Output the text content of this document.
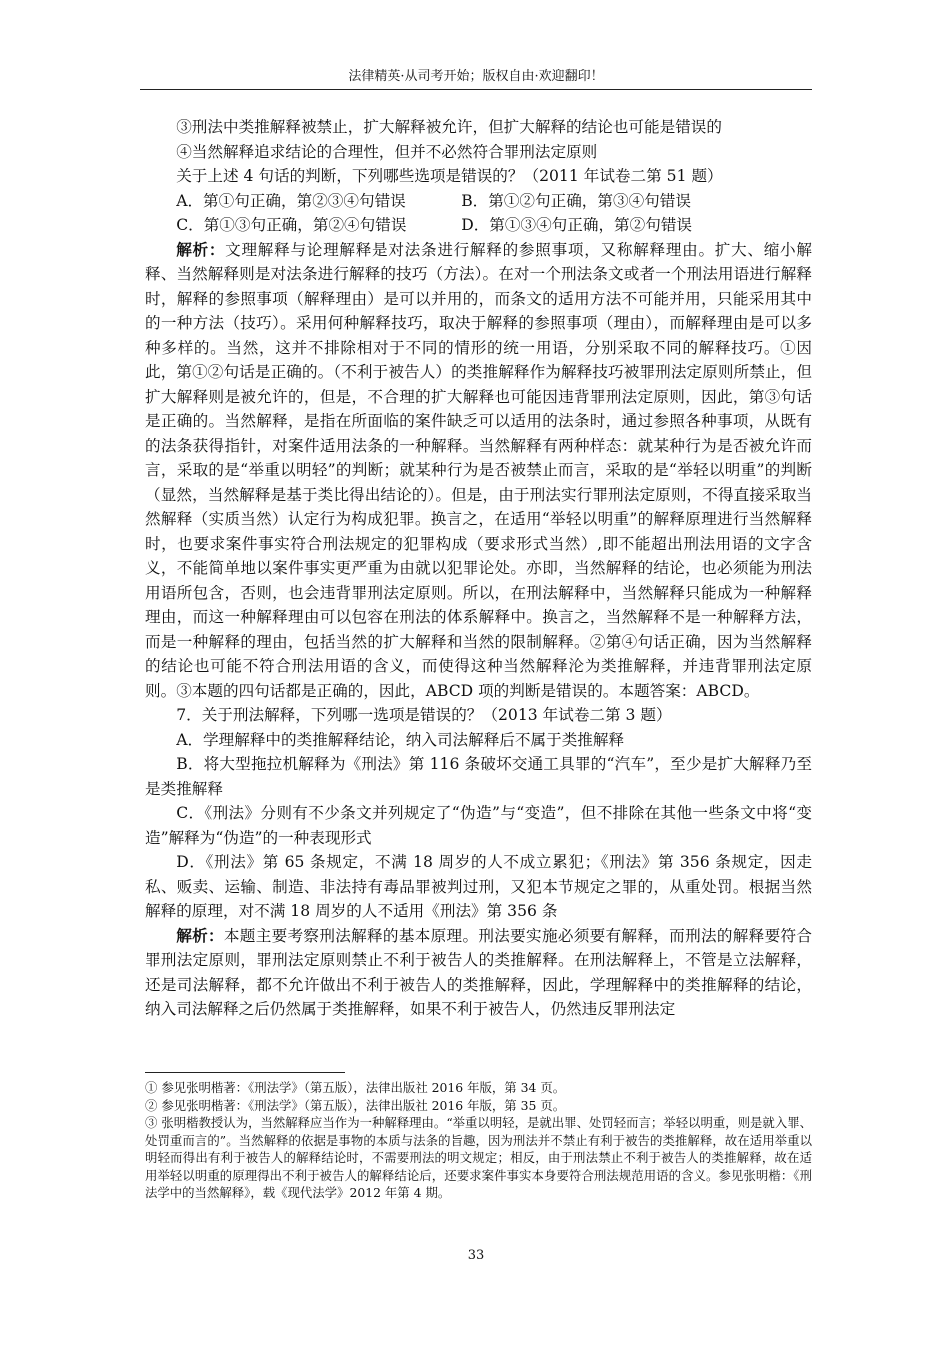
法律精英·从司考开始；版权自由·欢迎翻印！

③刑法中类推解释被禁止，扩大解释被允许，但扩大解释的结论也可能是错误的

④当然解释追求结论的合理性，但并不必然符合罪刑法定原则

关于上述 4 句话的判断，下列哪些选项是错误的？（2011 年试卷二第 51 题）

A．第①句正确，第②③④句错误	B．第①②句正确，第③④句错误

C．第①③句正确，第②④句错误	D．第①③④句正确，第②句错误

解析：文理解释与论理解释是对法条进行解释的参照事项，又称解释理由。扩大、缩小解释、当然解释则是对法条进行解释的技巧（方法）。在对一个刑法条文或者一个刑法用语进行解释时，解释的参照事项（解释理由）是可以并用的，而条文的适用方法不可能并用，只能采用其中的一种方法（技巧）。采用何种解释技巧，取决于解释的参照事项（理由），而解释理由是可以多种多样的。当然，这并不排除相对于不同的情形的统一用语，分别采取不同的解释技巧。①因此，第①②句话是正确的。（不利于被告人）的类推解释作为解释技巧被罪刑法定原则所禁止，但扩大解释则是被允许的，但是，不合理的扩大解释也可能因违背罪刑法定原则，因此，第③句话是正确的。当然解释，是指在所面临的案件缺乏可以适用的法条时，通过参照各种事项，从既有的法条获得指针，对案件适用法条的一种解释。当然解释有两种样态：就某种行为是否被允许而言，采取的是“举重以明轻”的判断；就某种行为是否被禁止而言，采取的是“举轻以明重”的判断（显然，当然解释是基于类比得出结论的）。但是，由于刑法实行罪刑法定原则，不得直接采取当然解释（实质当然）认定行为构成犯罪。换言之，在适用“举轻以明重”的解释原理进行当然解释时，也要求案件事实符合刑法规定的犯罪构成（要求形式当然）,即不能超出刑法用语的文字含义，不能简单地以案件事实更严重为由就以犯罪论处。亦即，当然解释的结论，也必须能为刑法用语所包含，否则，也会违背罪刑法定原则。所以，在刑法解释中，当然解释只能成为一种解释理由，而这一种解释理由可以包容在刑法的体系解释中。换言之，当然解释不是一种解释方法，而是一种解释的理由，包括当然的扩大解释和当然的限制解释。②第④句话正确，因为当然解释的结论也可能不符合刑法用语的含义，而使得这种当然解释沦为类推解释，并违背罪刑法定原则。③本题的四句话都是正确的，因此，ABCD 项的判断是错误的。本题答案：ABCD。

7．关于刑法解释，下列哪一选项是错误的？（2013 年试卷二第 3 题）

A．学理解释中的类推解释结论，纳入司法解释后不属于类推解释

B．将大型拖拉机解释为《刑法》第 116 条破坏交通工具罪的“汽车”，至少是扩大解释乃至是类推解释

C．《刑法》分则有不少条文并列规定了“伪造”与“变造”，但不排除在其他一些条文中将“变造”解释为“伪造”的一种表现形式

D．《刑法》第 65 条规定，不满 18 周岁的人不成立累犯；《刑法》第 356 条规定，因走私、贩卖、运输、制造、非法持有毒品罪被判过刑，又犯本节规定之罪的，从重处罚。根据当然解释的原理，对不满 18 周岁的人不适用《刑法》第 356 条

解析：本题主要考察刑法解释的基本原理。刑法要实施必须要有解释，而刑法的解释要符合罪刑法定原则，罪刑法定原则禁止不利于被告人的类推解释。在刑法解释上，不管是立法解释，还是司法解释，都不允许做出不利于被告人的类推解释，因此，学理解释中的类推解释的结论，纳入司法解释之后仍然属于类推解释，如果不利于被告人，仍然违反罪刑法定

① 参见张明楷著：《刑法学》（第五版），法律出版社 2016 年版，第 34 页。

② 参见张明楷著：《刑法学》（第五版），法律出版社 2016 年版，第 35 页。

③ 张明楷教授认为，当然解释应当作为一种解释理由。“举重以明轻，是就出罪、处罚轻而言；举轻以明重，则是就入罪、处罚重而言的”。当然解释的依据是事物的本质与法条的旨趣，因为刑法并不禁止有利于被告的类推解释，故在适用举重以明轻而得出有利于被告人的解释结论时，不需要刑法的明文规定；相反，由于刑法禁止不利于被告人的类推解释，故在适用举轻以明重的原理得出不利于被告人的解释结论后，还要求案件事实本身要符合刑法规范用语的含义。参见张明楷：《刑法学中的当然解释》，载《现代法学》2012 年第 4 期。

33
